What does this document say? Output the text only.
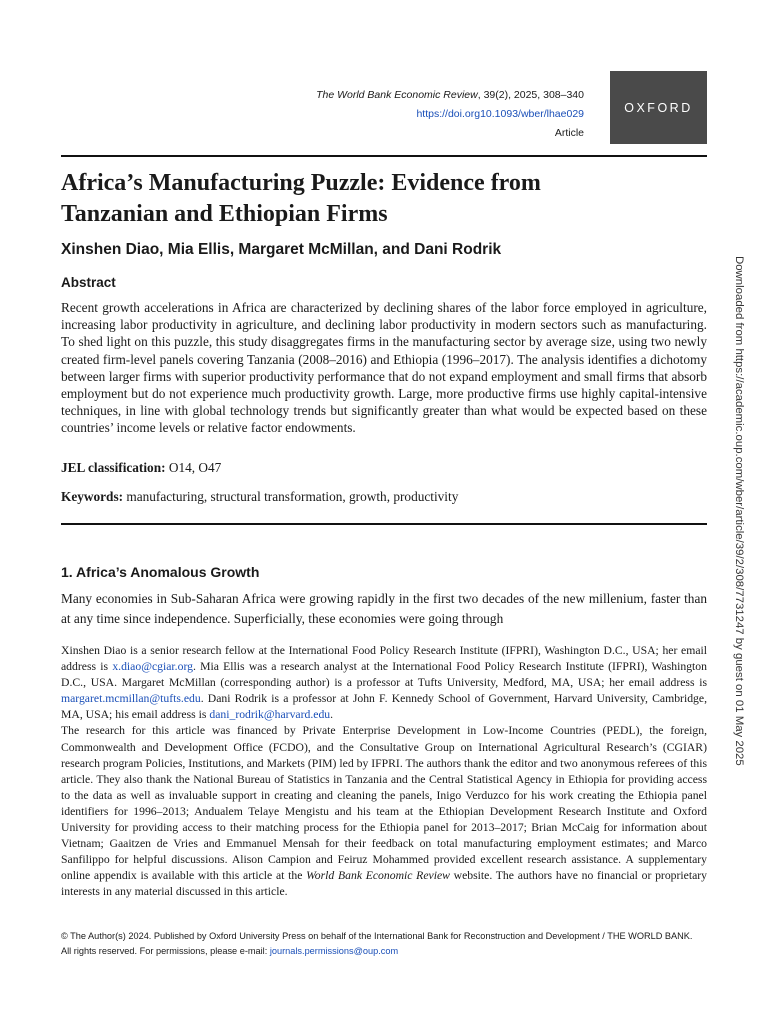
The World Bank Economic Review, 39(2), 2025, 308–340
https://doi.org10.1093/wber/lhae029
Article
OXFORD
Africa’s Manufacturing Puzzle: Evidence from
Tanzanian and Ethiopian Firms

Xinshen Diao, Mia Ellis, Margaret McMillan, and Dani Rodrik

Abstract

Recent growth accelerations in Africa are characterized by declining shares of the labor force employed in agriculture, increasing labor productivity in agriculture, and declining labor productivity in modern sectors such as manufacturing. To shed light on this puzzle, this study disaggregates firms in the manufacturing sector by average size, using two newly created firm-level panels covering Tanzania (2008–2016) and Ethiopia (1996–2017). The analysis identifies a dichotomy between larger firms with superior productivity performance that do not expand employment and small firms that absorb employment but do not experience much productivity growth. Large, more productive firms use highly capital-intensive techniques, in line with global technology trends but significantly greater than what would be expected based on these countries’ income levels or relative factor endowments.

JEL classification: O14, O47

Keywords: manufacturing, structural transformation, growth, productivity

1. Africa’s Anomalous Growth

Many economies in Sub-Saharan Africa were growing rapidly in the first two decades of the new millenium, faster than at any time since independence. Superficially, these economies were going through

Xinshen Diao is a senior research fellow at the International Food Policy Research Institute (IFPRI), Washington D.C., USA; her email address is x.diao@cgiar.org. Mia Ellis was a research analyst at the International Food Policy Research Institute (IFPRI), Washington D.C., USA. Margaret McMillan (corresponding author) is a professor at Tufts University, Medford, MA, USA; her email address is margaret.mcmillan@tufts.edu. Dani Rodrik is a professor at John F. Kennedy School of Government, Harvard University, Cambridge, MA, USA; his email address is dani_rodrik@harvard.edu.
The research for this article was financed by Private Enterprise Development in Low-Income Countries (PEDL), the foreign, Commonwealth and Development Office (FCDO), and the Consultative Group on International Agricultural Research’s (CGIAR) research program Policies, Institutions, and Markets (PIM) led by IFPRI. The authors thank the editor and two anonymous referees of this article. They also thank the National Bureau of Statistics in Tanzania and the Central Statistical Agency in Ethiopia for providing access to the data as well as invaluable support in creating and cleaning the panels, Inigo Verduzco for his work creating the Ethiopia panel identifiers for 1996–2013; Andualem Telaye Mengistu and his team at the Ethiopian Development Research Institute and Oxford University for providing access to their matching process for the Ethiopia panel for 2013–2017; Brian McCaig for information about Vietnam; Gaaitzen de Vries and Emmanuel Mensah for their feedback on total manufacturing employment estimates; and Marco Sanfilippo for helpful discussions. Alison Campion and Feiruz Mohammed provided excellent research assistance. A supplementary online appendix is available with this article at the World Bank Economic Review website. The authors have no financial or proprietary interests in any material discussed in this article.
© The Author(s) 2024. Published by Oxford University Press on behalf of the International Bank for Reconstruction and Development / THE WORLD BANK.
All rights reserved. For permissions, please e-mail: journals.permissions@oup.com
Downloaded from https://academic.oup.com/wber/article/39/2/308/7731247 by guest on 01 May 2025
